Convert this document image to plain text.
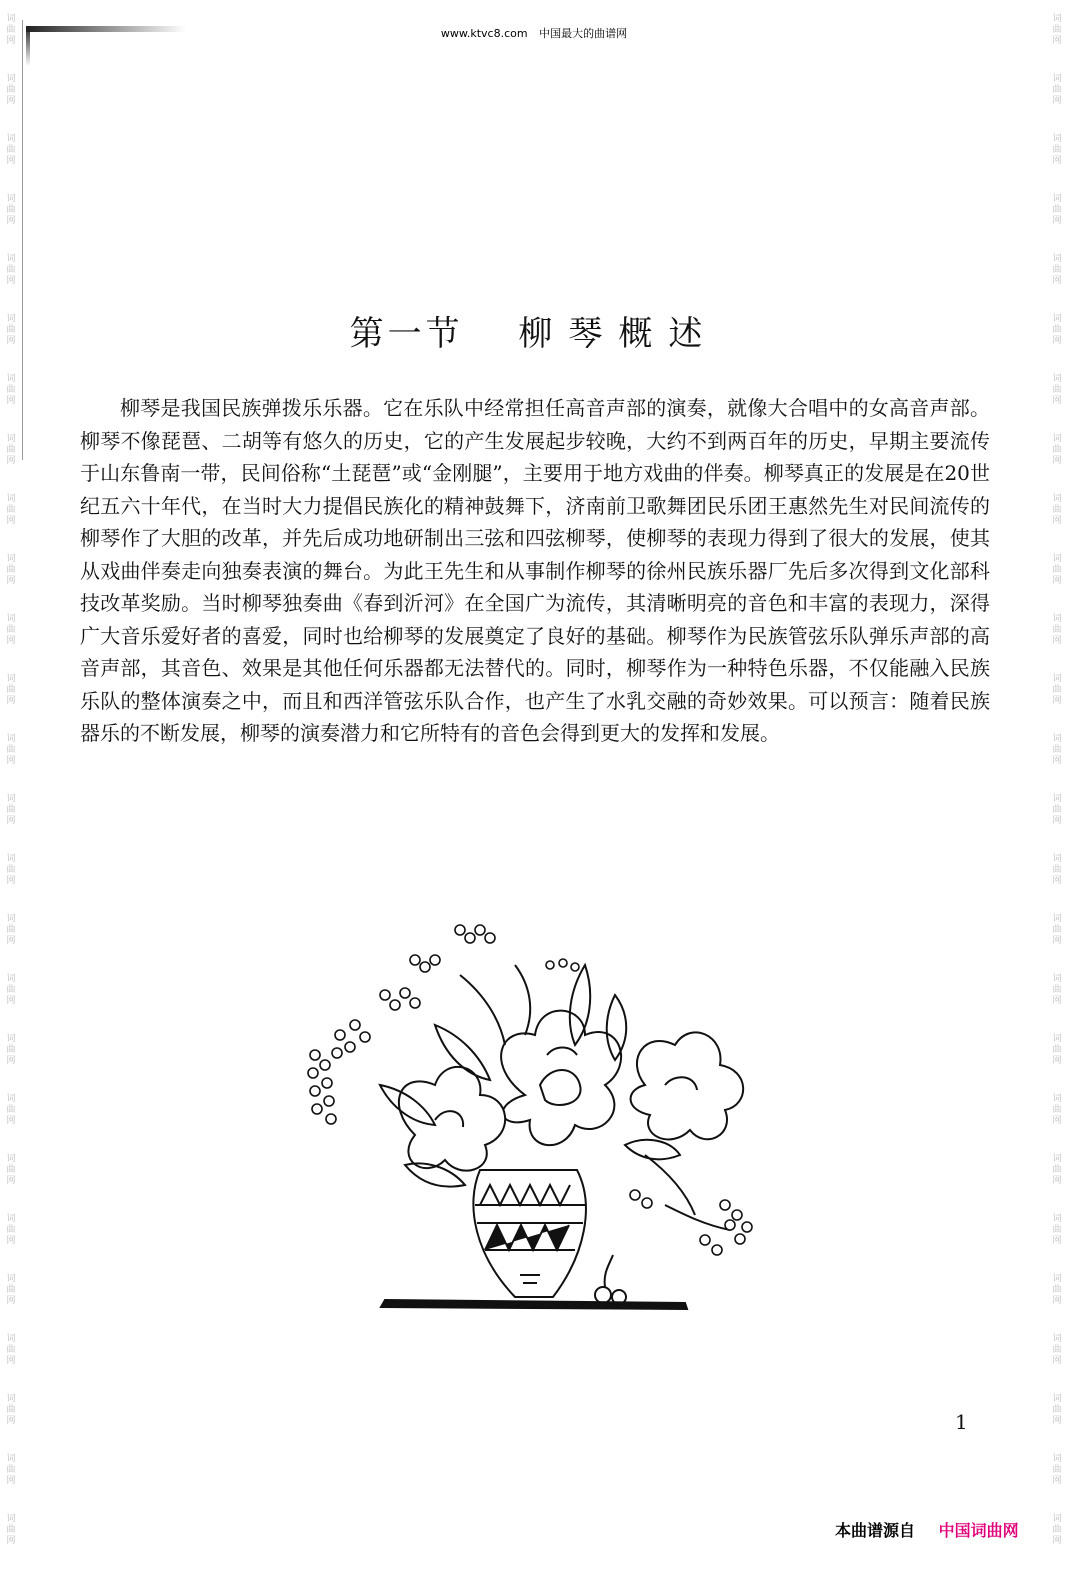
词
曲
网
词
曲
网
词
曲
网
词
曲
网
词
曲
网
词
曲
网
词
曲
网
词
曲
网
词
曲
网
词
曲
网
词
曲
网
词
曲
网
词
曲
网
词
曲
网
词
曲
网
词
曲
网
词
曲
网
词
曲
网
词
曲
网
词
曲
网
词
曲
网
词
曲
网
词
曲
网
词
曲
网
词
曲
网
词
曲
网
词
曲
网
词
曲
网
词
曲
网
词
曲
网
词
曲
网
词
曲
网
词
曲
网
词
曲
网
词
曲
网
词
曲
网
词
曲
网
词
曲
网
词
曲
网
词
曲
网
词
曲
网
词
曲
网
词
曲
网
词
曲
网
词
曲
网
词
曲
网
词
曲
网
词
曲
网
词
曲
网
词
曲
网
词
曲
网
词
曲
网
www.ktvc8.com 中国最大的曲谱网
第一节 柳琴概述

柳琴是我国民族弹拨乐乐器。它在乐队中经常担任高音声部的演奏，就像大合唱中的女高音声部。柳琴不像琵琶、二胡等有悠久的历史，它的产生发展起步较晚，大约不到两百年的历史，早期主要流传于山东鲁南一带，民间俗称“土琵琶”或“金刚腿”，主要用于地方戏曲的伴奏。柳琴真正的发展是在20世纪五六十年代，在当时大力提倡民族化的精神鼓舞下，济南前卫歌舞团民乐团王惠然先生对民间流传的柳琴作了大胆的改革，并先后成功地研制出三弦和四弦柳琴，使柳琴的表现力得到了很大的发展，使其从戏曲伴奏走向独奏表演的舞台。为此王先生和从事制作柳琴的徐州民族乐器厂先后多次得到文化部科技改革奖励。当时柳琴独奏曲《春到沂河》在全国广为流传，其清晰明亮的音色和丰富的表现力，深得广大音乐爱好者的喜爱，同时也给柳琴的发展奠定了良好的基础。柳琴作为民族管弦乐队弹乐声部的高音声部，其音色、效果是其他任何乐器都无法替代的。同时，柳琴作为一种特色乐器，不仅能融入民族乐队的整体演奏之中，而且和西洋管弦乐队合作，也产生了水乳交融的奇妙效果。可以预言：随着民族器乐的不断发展，柳琴的演奏潜力和它所特有的音色会得到更大的发挥和发展。

1
本曲谱源自 中国词曲网
